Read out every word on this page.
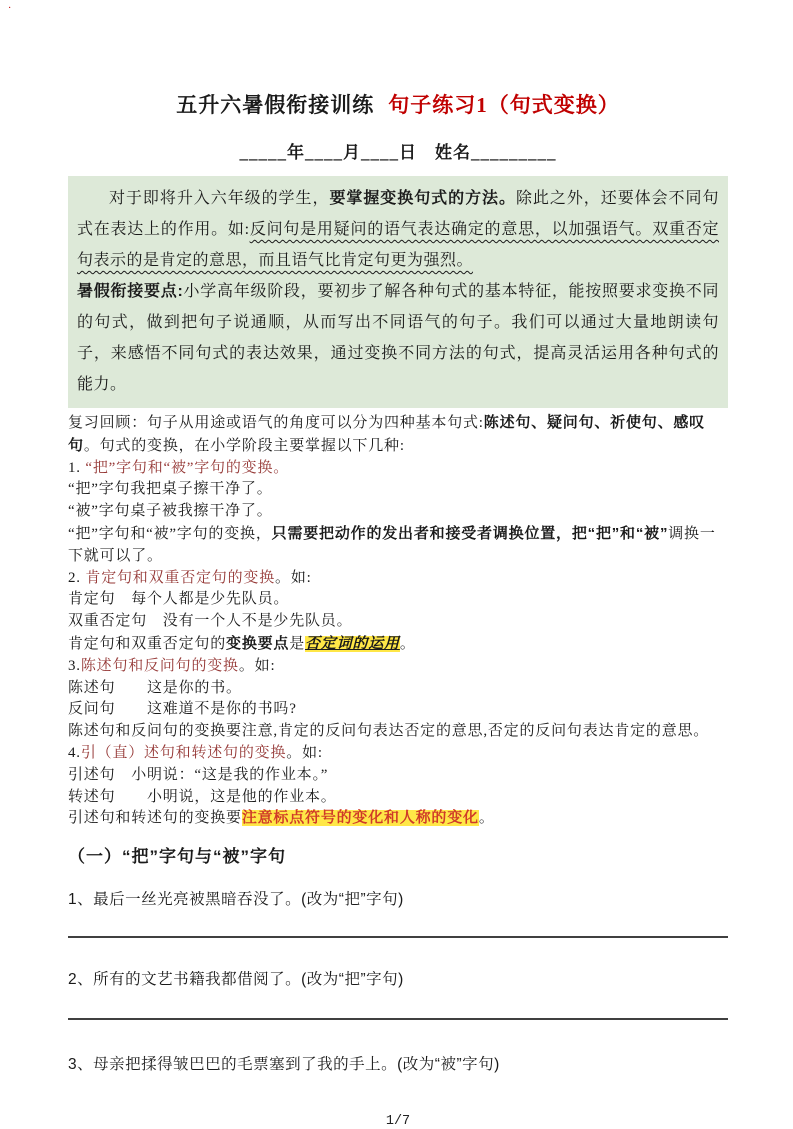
·
五升六暑假衔接训练 句子练习1（句式变换）
_____年____月____日　姓名_________

对于即将升入六年级的学生，要掌握变换句式的方法。除此之外，还要体会不同句式在表达上的作用。如:反问句是用疑问的语气表达确定的意思，以加强语气。双重否定句表示的是肯定的意思，而且语气比肯定句更为强烈。

暑假衔接要点:小学高年级阶段，要初步了解各种句式的基本特征，能按照要求变换不同的句式，做到把句子说通顺，从而写出不同语气的句子。我们可以通过大量地朗读句子，来感悟不同句式的表达效果，通过变换不同方法的句式，提高灵活运用各种句式的能力。

复习回顾：句子从用途或语气的角度可以分为四种基本句式:陈述句、疑问句、祈使句、感叹句。句式的变换，在小学阶段主要掌握以下几种:

1. “把”字句和“被”字句的变换。

“把”字句我把桌子擦干净了。

“被”字句桌子被我擦干净了。

“把”字句和“被”字句的变换，只需要把动作的发出者和接受者调换位置，把“把”和“被”调换一下就可以了。

2. 肯定句和双重否定句的变换。如:

肯定句　每个人都是少先队员。

双重否定句　没有一个人不是少先队员。

肯定句和双重否定句的变换要点是否定词的运用。

3.陈述句和反问句的变换。如:

陈述句　　这是你的书。

反问句　　这难道不是你的书吗?

陈述句和反问句的变换要注意,肯定的反问句表达否定的意思,否定的反问句表达肯定的意思。

4.引（直）述句和转述句的变换。如:

引述句　小明说：“这是我的作业本。”

转述句　　小明说，这是他的作业本。

引述句和转述句的变换要注意标点符号的变化和人称的变化。

（一）“把”字句与“被”字句

1、最后一丝光亮被黑暗吞没了。(改为“把”字句)

2、所有的文艺书籍我都借阅了。(改为“把”字句)

3、母亲把揉得皱巴巴的毛票塞到了我的手上。(改为“被”字句)

1/7
